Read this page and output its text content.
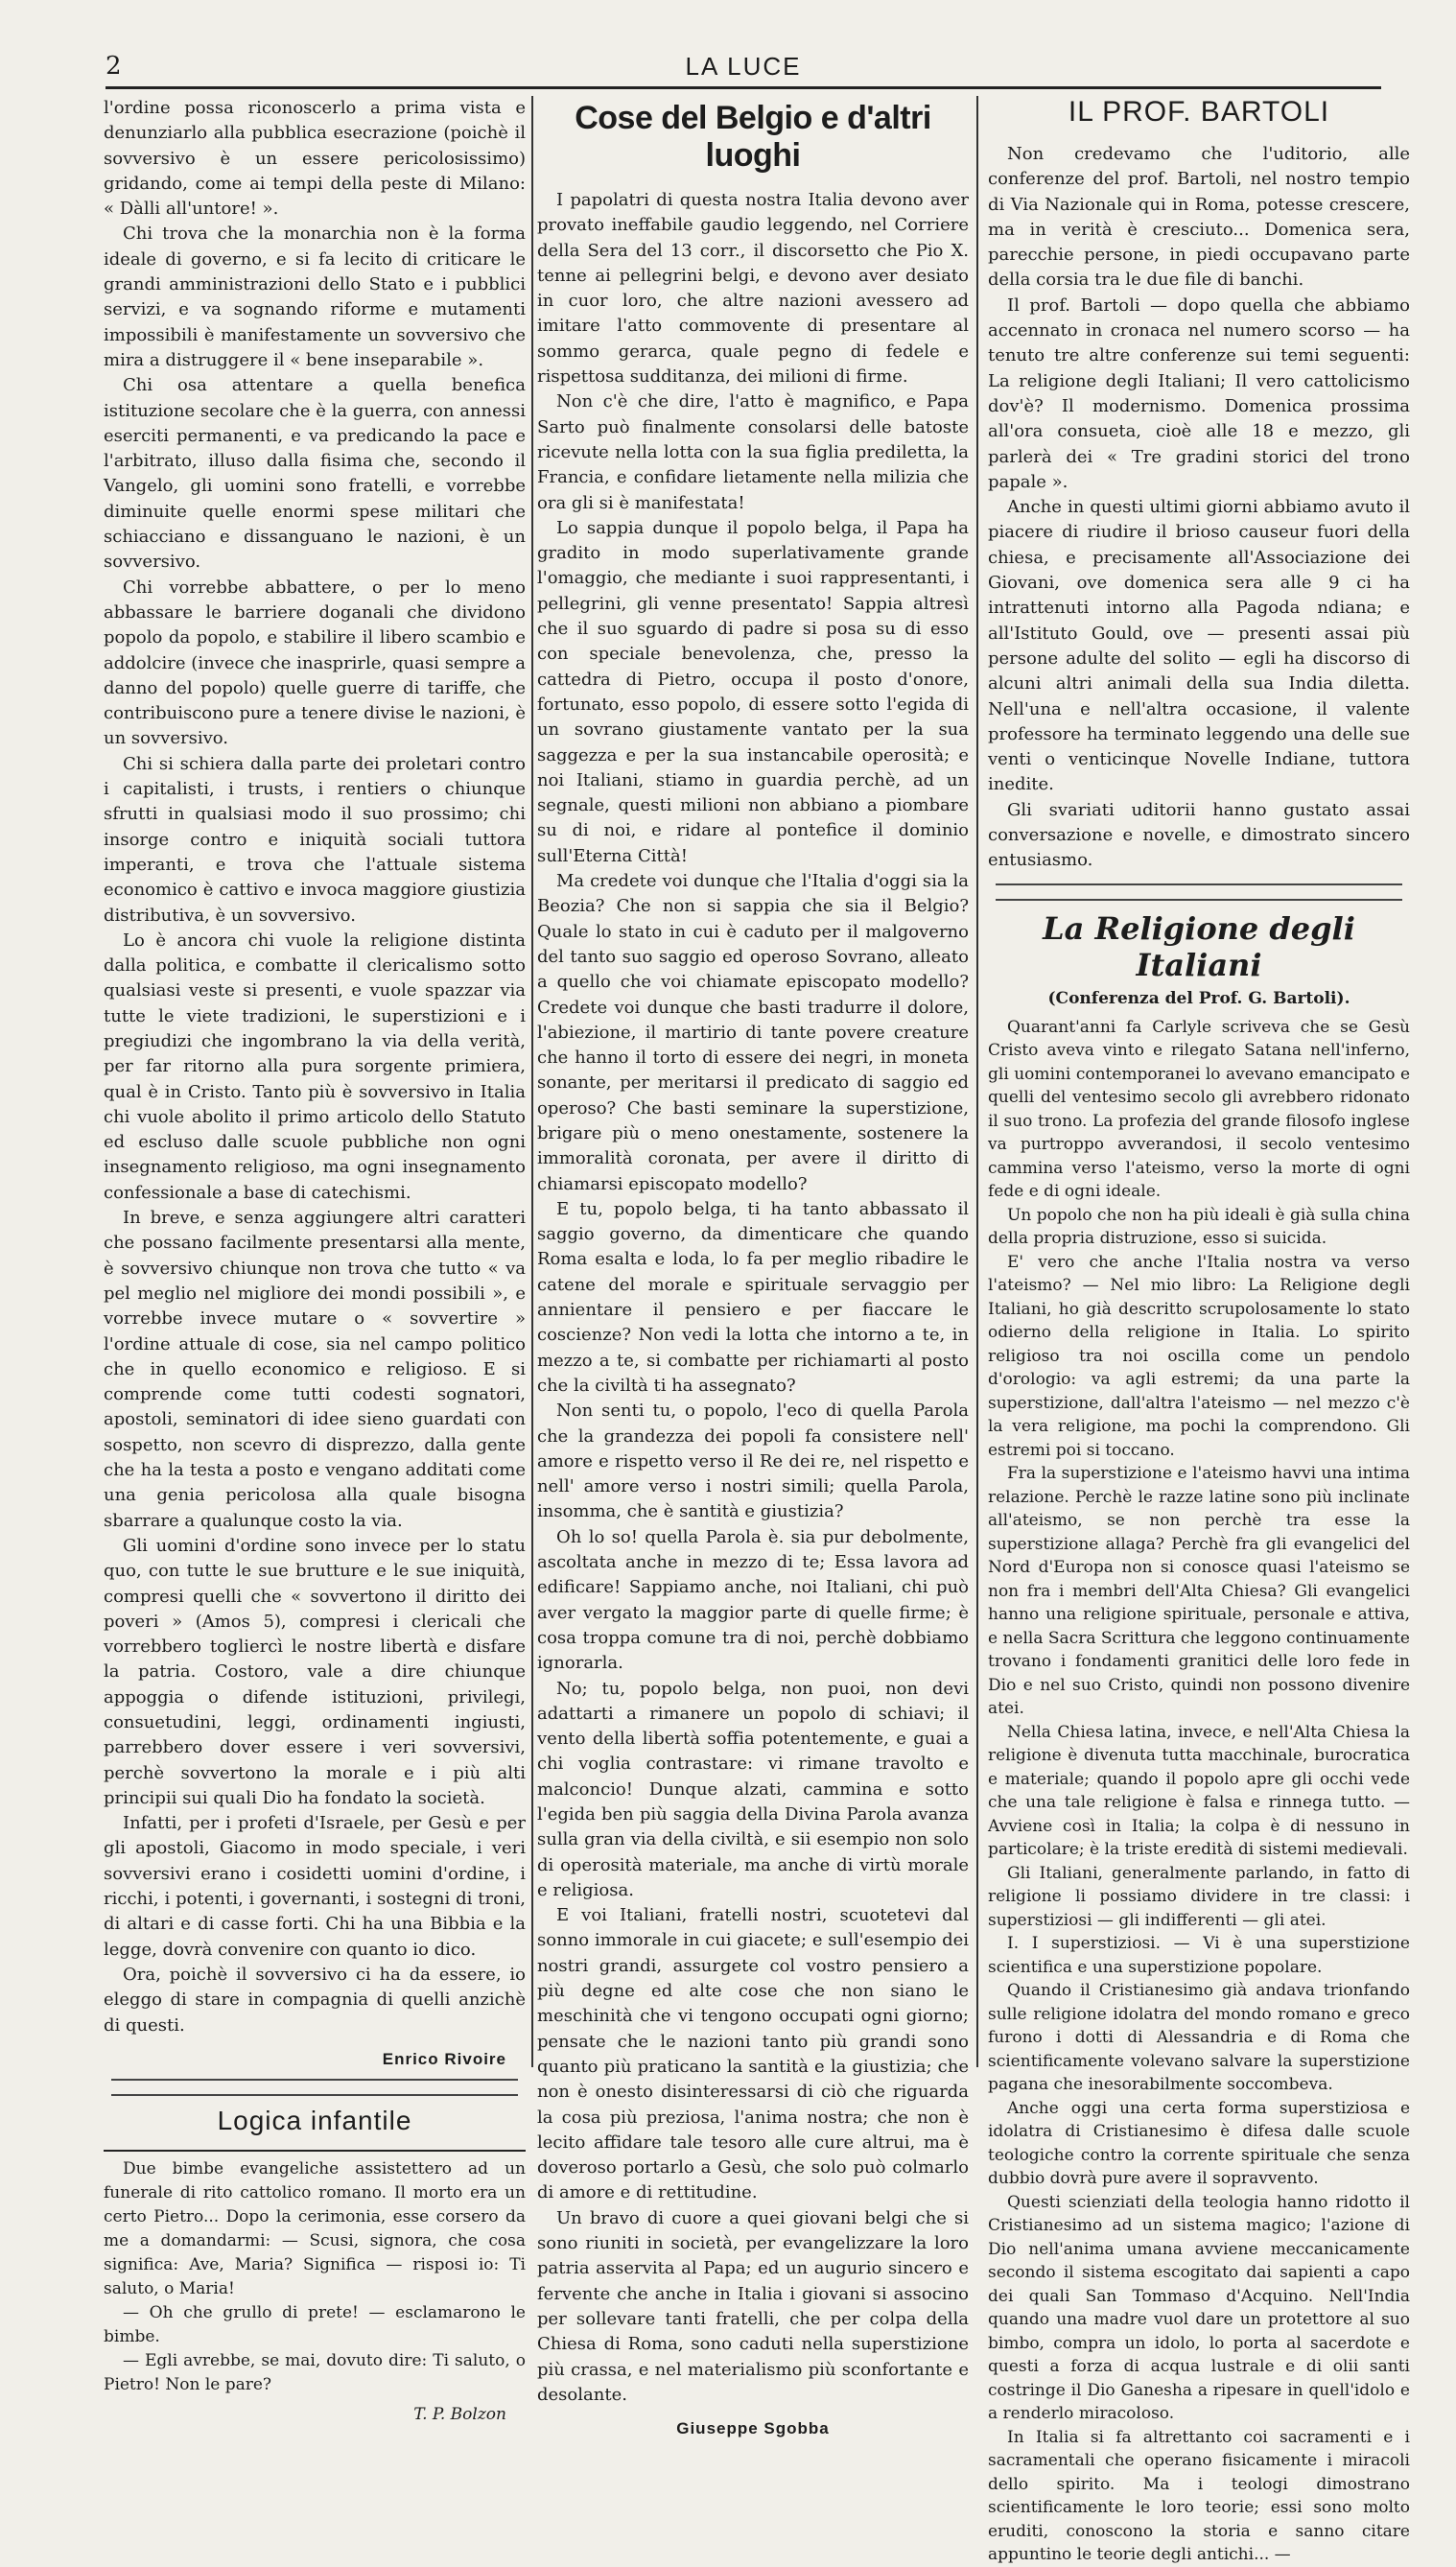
2	LA LUCE

l'ordine possa riconoscerlo a prima vista e denunziarlo alla pubblica esecrazione (poichè il sovversivo è un essere pericolosissimo) gridando, come ai tempi della peste di Milano: « Dàlli all'untore! ».

Chi trova che la monarchia non è la forma ideale di governo, e si fa lecito di criticare le grandi amministrazioni dello Stato e i pubblici servizi, e va sognando riforme e mutamenti impossibili è manifestamente un sovversivo che mira a distruggere il « bene inseparabile ».

Chi osa attentare a quella benefica istituzione secolare che è la guerra, con annessi eserciti permanenti, e va predicando la pace e l'arbitrato, illuso dalla fisima che, secondo il Vangelo, gli uomini sono fratelli, e vorrebbe diminuite quelle enormi spese militari che schiacciano e dissanguano le nazioni, è un sovversivo.

Chi vorrebbe abbattere, o per lo meno abbassare le barriere doganali che dividono popolo da popolo, e stabilire il libero scambio e addolcire (invece che inasprirle, quasi sempre a danno del popolo) quelle guerre di tariffe, che contribuiscono pure a tenere divise le nazioni, è un sovversivo.

Chi si schiera dalla parte dei proletari contro i capitalisti, i trusts, i rentiers o chiunque sfrutti in qualsiasi modo il suo prossimo; chi insorge contro e iniquità sociali tuttora imperanti, e trova che l'attuale sistema economico è cattivo e invoca maggiore giustizia distributiva, è un sovversivo.

Lo è ancora chi vuole la religione distinta dalla politica, e combatte il clericalismo sotto qualsiasi veste si presenti, e vuole spazzar via tutte le viete tradizioni, le superstizioni e i pregiudizi che ingombrano la via della verità, per far ritorno alla pura sorgente primiera, qual è in Cristo. Tanto più è sovversivo in Italia chi vuole abolito il primo articolo dello Statuto ed escluso dalle scuole pubbliche non ogni insegnamento religioso, ma ogni insegnamento confessionale a base di catechismi.

In breve, e senza aggiungere altri caratteri che possano facilmente presentarsi alla mente, è sovversivo chiunque non trova che tutto « va pel meglio nel migliore dei mondi possibili », e vorrebbe invece mutare o « sovvertire » l'ordine attuale di cose, sia nel campo politico che in quello economico e religioso. E si comprende come tutti codesti sognatori, apostoli, seminatori di idee sieno guardati con sospetto, non scevro di disprezzo, dalla gente che ha la testa a posto e vengano additati come una genia pericolosa alla quale bisogna sbarrare a qualunque costo la via.

Gli uomini d'ordine sono invece per lo statu quo, con tutte le sue brutture e le sue iniquità, compresi quelli che « sovvertono il diritto dei poveri » (Amos 5), compresi i clericali che vorrebbero togliercì le nostre libertà e disfare la patria. Costoro, vale a dire chiunque appoggia o difende istituzioni, privilegi, consuetudini, leggi, ordinamenti ingiusti, parrebbero dover essere i veri sovversivi, perchè sovvertono la morale e i più alti principii sui quali Dio ha fondato la società.

Infatti, per i profeti d'Israele, per Gesù e per gli apostoli, Giacomo in modo speciale, i veri sovversivi erano i cosidetti uomini d'ordine, i ricchi, i potenti, i governanti, i sostegni di troni, di altari e di casse forti. Chi ha una Bibbia e la legge, dovrà convenire con quanto io dico.

Ora, poichè il sovversivo ci ha da essere, io eleggo di stare in compagnia di quelli anzichè di questi.

Enrico Rivoire
Logica infantile

Due bimbe evangeliche assistettero ad un funerale di rito cattolico romano. Il morto era un certo Pietro... Dopo la cerimonia, esse corsero da me a domandarmi: — Scusi, signora, che cosa significa: Ave, Maria? Significa — risposi io: Ti saluto, o Maria!

— Oh che grullo di prete! — esclamarono le bimbe.

— Egli avrebbe, se mai, dovuto dire: Ti saluto, o Pietro! Non le pare?

T. P. Bolzon
Cose del Belgio e d'altri luoghi

I papolatri di questa nostra Italia devono aver provato ineffabile gaudio leggendo, nel Corriere della Sera del 13 corr., il discorsetto che Pio X. tenne ai pellegrini belgi, e devono aver desiato in cuor loro, che altre nazioni avessero ad imitare l'atto commovente di presentare al sommo gerarca, quale pegno di fedele e rispettosa sudditanza, dei milioni di firme.

Non c'è che dire, l'atto è magnifico, e Papa Sarto può finalmente consolarsi delle batoste ricevute nella lotta con la sua figlia prediletta, la Francia, e confidare lietamente nella milizia che ora gli si è manifestata!

Lo sappia dunque il popolo belga, il Papa ha gradito in modo superlativamente grande l'omaggio, che mediante i suoi rappresentanti, i pellegrini, gli venne presentato! Sappia altresì che il suo sguardo di padre si posa su di esso con speciale benevolenza, che, presso la cattedra di Pietro, occupa il posto d'onore, fortunato, esso popolo, di essere sotto l'egida di un sovrano giustamente vantato per la sua saggezza e per la sua instancabile operosità; e noi Italiani, stiamo in guardia perchè, ad un segnale, questi milioni non abbiano a piombare su di noi, e ridare al pontefice il dominio sull'Eterna Città!

Ma credete voi dunque che l'Italia d'oggi sia la Beozia? Che non si sappia che sia il Belgio? Quale lo stato in cui è caduto per il malgoverno del tanto suo saggio ed operoso Sovrano, alleato a quello che voi chiamate episcopato modello? Credete voi dunque che basti tradurre il dolore, l'abiezione, il martirio di tante povere creature che hanno il torto di essere dei negri, in moneta sonante, per meritarsi il predicato di saggio ed operoso? Che basti seminare la superstizione, brigare più o meno onestamente, sostenere la immoralità coronata, per avere il diritto di chiamarsi episcopato modello?

E tu, popolo belga, ti ha tanto abbassato il saggio governo, da dimenticare che quando Roma esalta e loda, lo fa per meglio ribadire le catene del morale e spirituale servaggio per annientare il pensiero e per fiaccare le coscienze? Non vedi la lotta che intorno a te, in mezzo a te, si combatte per richiamarti al posto che la civiltà ti ha assegnato?

Non senti tu, o popolo, l'eco di quella Parola che la grandezza dei popoli fa consistere nell' amore e rispetto verso il Re dei re, nel rispetto e nell' amore verso i nostri simili; quella Parola, insomma, che è santità e giustizia?

Oh lo so! quella Parola è. sia pur debolmente, ascoltata anche in mezzo di te; Essa lavora ad edificare! Sappiamo anche, noi Italiani, chi può aver vergato la maggior parte di quelle firme; è cosa troppa comune tra di noi, perchè dobbiamo ignorarla.

No; tu, popolo belga, non puoi, non devi adattarti a rimanere un popolo di schiavi; il vento della libertà soffia potentemente, e guai a chi voglia contrastare: vi rimane travolto e malconcio! Dunque alzati, cammina e sotto l'egida ben più saggia della Divina Parola avanza sulla gran via della civiltà, e sii esempio non solo di operosità materiale, ma anche di virtù morale e religiosa.

E voi Italiani, fratelli nostri, scuotetevi dal sonno immorale in cui giacete; e sull'esempio dei nostri grandi, assurgete col vostro pensiero a più degne ed alte cose che non siano le meschinità che vi tengono occupati ogni giorno; pensate che le nazioni tanto più grandi sono quanto più praticano la santità e la giustizia; che non è onesto disinteressarsi di ciò che riguarda la cosa più preziosa, l'anima nostra; che non è lecito affidare tale tesoro alle cure altrui, ma è doveroso portarlo a Gesù, che solo può colmarlo di amore e di rettitudine.

Un bravo di cuore a quei giovani belgi che si sono riuniti in società, per evangelizzare la loro patria asservita al Papa; ed un augurio sincero e fervente che anche in Italia i giovani si associno per sollevare tanti fratelli, che per colpa della Chiesa di Roma, sono caduti nella superstizione più crassa, e nel materialismo più sconfortante e desolante.

Giuseppe Sgobba
IL PROF. BARTOLI

Non credevamo che l'uditorio, alle conferenze del prof. Bartoli, nel nostro tempio di Via Nazionale qui in Roma, potesse crescere, ma in verità è cresciuto... Domenica sera, parecchie persone, in piedi occupavano parte della corsia tra le due file di banchi.

Il prof. Bartoli — dopo quella che abbiamo accennato in cronaca nel numero scorso — ha tenuto tre altre conferenze sui temi seguenti: La religione degli Italiani; Il vero cattolicismo dov'è? Il modernismo. Domenica prossima all'ora consueta, cioè alle 18 e mezzo, gli parlerà dei « Tre gradini storici del trono papale ».

Anche in questi ultimi giorni abbiamo avuto il piacere di riudire il brioso causeur fuori della chiesa, e precisamente all'Associazione dei Giovani, ove domenica sera alle 9 ci ha intrattenuti intorno alla Pagoda ndiana; e all'Istituto Gould, ove — presenti assai più persone adulte del solito — egli ha discorso di alcuni altri animali della sua India diletta. Nell'una e nell'altra occasione, il valente professore ha terminato leggendo una delle sue venti o venticinque Novelle Indiane, tuttora inedite.

Gli svariati uditorii hanno gustato assai conversazione e novelle, e dimostrato sincero entusiasmo.

La Religione degli Italiani
(Conferenza del Prof. G. Bartoli).

Quarant'anni fa Carlyle scriveva che se Gesù Cristo aveva vinto e rilegato Satana nell'inferno, gli uomini contemporanei lo avevano emancipato e quelli del ventesimo secolo gli avrebbero ridonato il suo trono. La profezia del grande filosofo inglese va purtroppo avverandosi, il secolo ventesimo cammina verso l'ateismo, verso la morte di ogni fede e di ogni ideale.

Un popolo che non ha più ideali è già sulla china della propria distruzione, esso si suicida.

E' vero che anche l'Italia nostra va verso l'ateismo? — Nel mio libro: La Religione degli Italiani, ho già descritto scrupolosamente lo stato odierno della religione in Italia. Lo spirito religioso tra noi oscilla come un pendolo d'orologio: va agli estremi; da una parte la superstizione, dall'altra l'ateismo — nel mezzo c'è la vera religione, ma pochi la comprendono. Gli estremi poi si toccano.

Fra la superstizione e l'ateismo havvi una intima relazione. Perchè le razze latine sono più inclinate all'ateismo, se non perchè tra esse la superstizione allaga? Perchè fra gli evangelici del Nord d'Europa non si conosce quasi l'ateismo se non fra i membri dell'Alta Chiesa? Gli evangelici hanno una religione spirituale, personale e attiva, e nella Sacra Scrittura che leggono continuamente trovano i fondamenti granitici delle loro fede in Dio e nel suo Cristo, quindi non possono divenire atei.

Nella Chiesa latina, invece, e nell'Alta Chiesa la religione è divenuta tutta macchinale, burocratica e materiale; quando il popolo apre gli occhi vede che una tale religione è falsa e rinnega tutto. — Avviene così in Italia; la colpa è di nessuno in particolare; è la triste eredità di sistemi medievali.

Gli Italiani, generalmente parlando, in fatto di religione li possiamo dividere in tre classi: i superstiziosi — gli indifferenti — gli atei.

I. I superstiziosi. — Vi è una superstizione scientifica e una superstizione popolare.

Quando il Cristianesimo già andava trionfando sulle religione idolatra del mondo romano e greco furono i dotti di Alessandria e di Roma che scientificamente volevano salvare la superstizione pagana che inesorabilmente soccombeva.

Anche oggi una certa forma superstiziosa e idolatra di Cristianesimo è difesa dalle scuole teologiche contro la corrente spirituale che senza dubbio dovrà pure avere il sopravvento.

Questi scienziati della teologia hanno ridotto il Cristianesimo ad un sistema magico; l'azione di Dio nell'anima umana avviene meccanicamente secondo il sistema escogitato dai sapienti a capo dei quali San Tommaso d'Acquino. Nell'India quando una madre vuol dare un protettore al suo bimbo, compra un idolo, lo porta al sacerdote e questi a forza di acqua lustrale e di olii santi costringe il Dio Ganesha a ripesare in quell'idolo e a renderlo miracoloso.

In Italia si fa altrettanto coi sacramenti e i sacramentali che operano fisicamente i miracoli dello spirito. Ma i teologi dimostrano scientificamente le loro teorie; essi sono molto eruditi, conoscono la storia e sanno citare appuntino le teorie degli antichi... —
